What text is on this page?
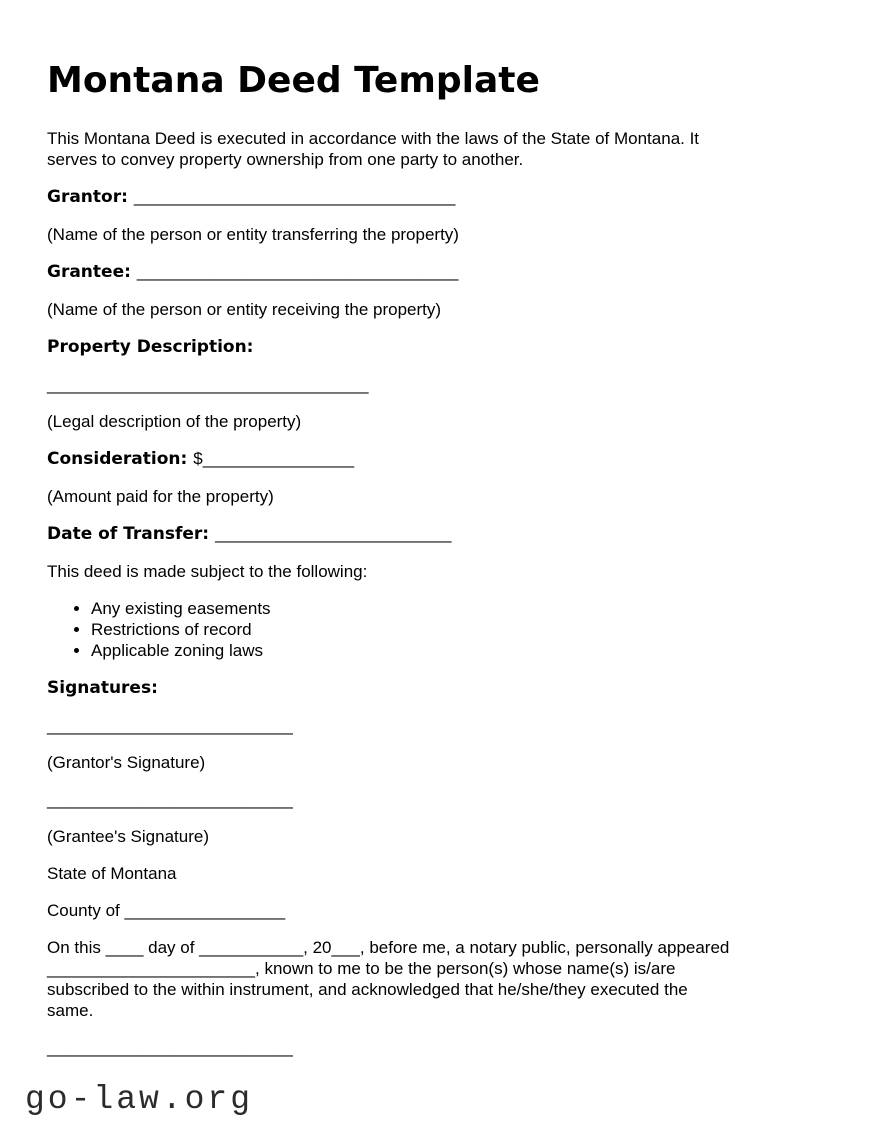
Montana Deed Template
This Montana Deed is executed in accordance with the laws of the State of Montana. It
serves to convey property ownership from one party to another.

Grantor: __________________________________

(Name of the person or entity transferring the property)

Grantee: __________________________________

(Name of the person or entity receiving the property)

Property Description:

__________________________________

(Legal description of the property)

Consideration: $________________

(Amount paid for the property)

Date of Transfer: _________________________

This deed is made subject to the following:

• Any existing easements
• Restrictions of record
• Applicable zoning laws

Signatures:

__________________________

(Grantor's Signature)

__________________________

(Grantee's Signature)

State of Montana

County of _________________

On this ____ day of ___________, 20___, before me, a notary public, personally appeared
______________________, known to me to be the person(s) whose name(s) is/are
subscribed to the within instrument, and acknowledged that he/she/they executed the
same.

__________________________

go-law.org
